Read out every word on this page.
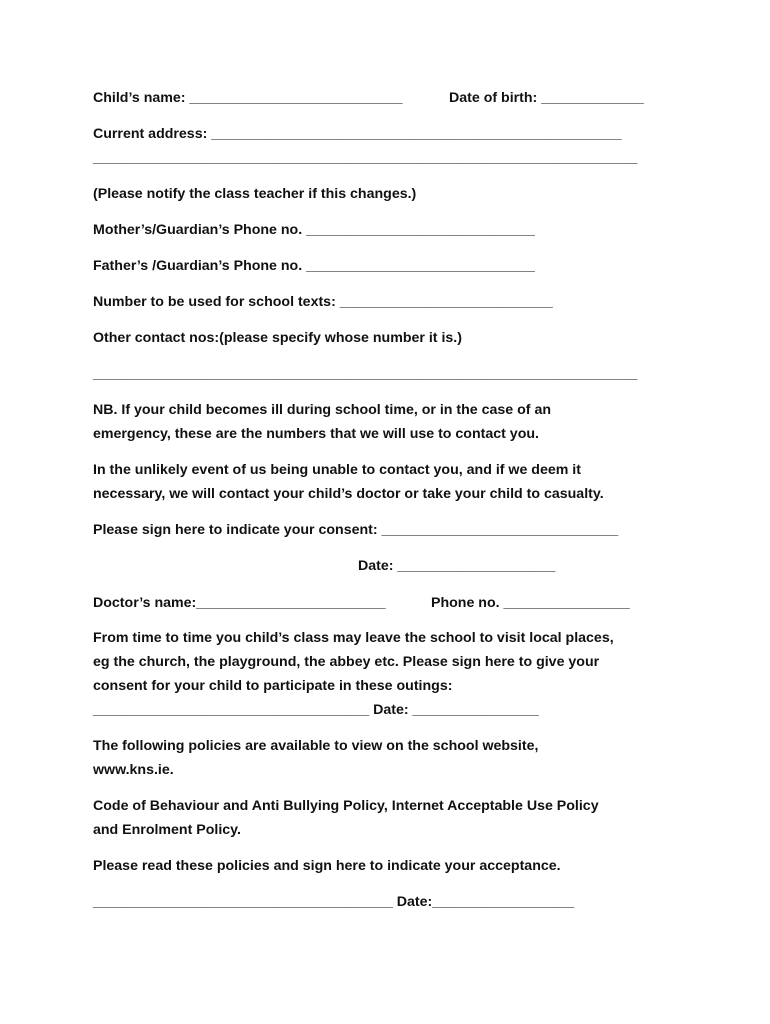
Child’s name: ___________________________	Date of birth: _____________
Current address: ____________________________________________________
_____________________________________________________________________
(Please notify the class teacher if this changes.)
Mother’s/Guardian’s Phone no. _____________________________
Father’s /Guardian’s Phone no. _____________________________
Number to be used for school texts: ___________________________
Other contact nos:(please specify whose number it is.)
_____________________________________________________________________
NB. If your child becomes ill during school time, or in the case of an
emergency, these are the numbers that we will use to contact you.
In the unlikely event of us being unable to contact you, and if we deem it
necessary, we will contact your child’s doctor or take your child to casualty.
Please sign here to indicate your consent: ______________________________
Date: ____________________
Doctor’s name:________________________	Phone no. ________________
From time to time you child’s class may leave the school to visit local places,
eg the church, the playground, the abbey etc. Please sign here to give your
consent for your child to participate in these outings:
___________________________________ Date: ________________
The following policies are available to view on the school website,
www.kns.ie.
Code of Behaviour and Anti Bullying Policy, Internet Acceptable Use Policy
and Enrolment Policy.
Please read these policies and sign here to indicate your acceptance.
______________________________________ Date:__________________
